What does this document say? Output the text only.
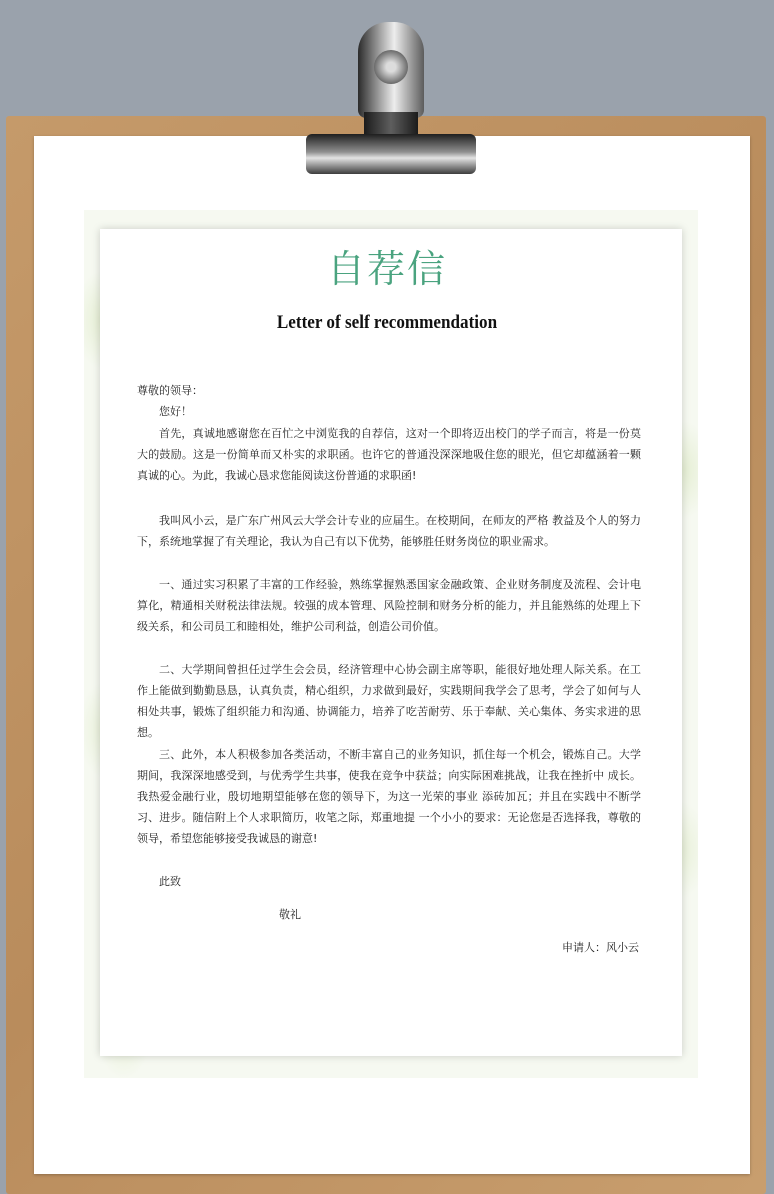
自荐信
Letter of self recommendation
尊敬的领导：
您好！

首先，真诚地感谢您在百忙之中浏览我的自荐信，这对一个即将迈出校门的学子而言，将是一份莫大的鼓励。这是一份简单而又朴实的求职函。也许它的普通没深深地吸住您的眼光，但它却蕴涵着一颗真诚的心。为此，我诚心恳求您能阅读这份普通的求职函!

我叫风小云，是广东广州风云大学会计专业的应届生。在校期间，在师友的严格 教益及个人的努力下，系统地掌握了有关理论，我认为自己有以下优势，能够胜任财务岗位的职业需求。

一、通过实习积累了丰富的工作经验，熟练掌握熟悉国家金融政策、企业财务制度及流程、会计电算化，精通相关财税法律法规。较强的成本管理、风险控制和财务分析的能力，并且能熟练的处理上下级关系，和公司员工和睦相处，维护公司利益，创造公司价值。

二、大学期间曾担任过学生会会员，经济管理中心协会副主席等职，能很好地处理人际关系。在工作上能做到勤勤恳恳，认真负责，精心组织，力求做到最好，实践期间我学会了思考，学会了如何与人相处共事，锻炼了组织能力和沟通、协调能力，培养了吃苦耐劳、乐于奉献、关心集体、务实求进的思想。

三、此外，本人积极参加各类活动，不断丰富自己的业务知识，抓住每一个机会，锻炼自己。大学期间，我深深地感受到，与优秀学生共事，使我在竞争中获益；向实际困难挑战，让我在挫折中 成长。我热爱金融行业，殷切地期望能够在您的领导下，为这一光荣的事业 添砖加瓦；并且在实践中不断学习、进步。随信附上个人求职简历，收笔之际，郑重地提 一个小小的要求：无论您是否选择我，尊敬的领导，希望您能够接受我诚恳的谢意!

此致
敬礼
申请人：风小云
